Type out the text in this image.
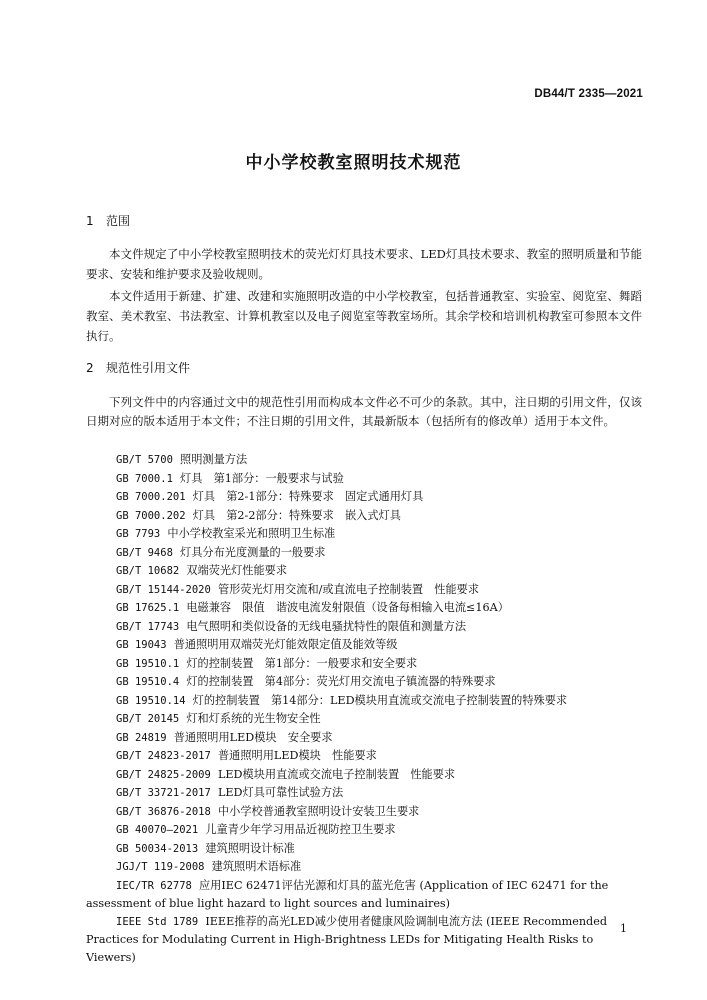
DB44/T 2335—2021
中小学校教室照明技术规范
1 范围
本文件规定了中小学校教室照明技术的荧光灯灯具技术要求、LED灯具技术要求、教室的照明质量和节能要求、安装和维护要求及验收规则。
本文件适用于新建、扩建、改建和实施照明改造的中小学校教室，包括普通教室、实验室、阅览室、舞蹈教室、美术教室、书法教室、计算机教室以及电子阅览室等教室场所。其余学校和培训机构教室可参照本文件执行。
2 规范性引用文件
下列文件中的内容通过文中的规范性引用而构成本文件必不可少的条款。其中，注日期的引用文件，仅该日期对应的版本适用于本文件；不注日期的引用文件，其最新版本（包括所有的修改单）适用于本文件。
GB/T 5700 照明测量方法
GB 7000.1 灯具　第1部分：一般要求与试验
GB 7000.201 灯具　第2-1部分：特殊要求　固定式通用灯具
GB 7000.202 灯具　第2-2部分：特殊要求　嵌入式灯具
GB 7793 中小学校教室采光和照明卫生标准
GB/T 9468 灯具分布光度测量的一般要求
GB/T 10682 双端荧光灯性能要求
GB/T 15144-2020 管形荧光灯用交流和/或直流电子控制装置　性能要求
GB 17625.1 电磁兼容　限值　谐波电流发射限值（设备每相输入电流≤16A）
GB/T 17743 电气照明和类似设备的无线电骚扰特性的限值和测量方法
GB 19043 普通照明用双端荧光灯能效限定值及能效等级
GB 19510.1 灯的控制装置　第1部分：一般要求和安全要求
GB 19510.4 灯的控制装置　第4部分：荧光灯用交流电子镇流器的特殊要求
GB 19510.14 灯的控制装置　第14部分：LED模块用直流或交流电子控制装置的特殊要求
GB/T 20145 灯和灯系统的光生物安全性
GB 24819 普通照明用LED模块　安全要求
GB/T 24823-2017 普通照明用LED模块　性能要求
GB/T 24825-2009 LED模块用直流或交流电子控制装置　性能要求
GB/T 33721-2017 LED灯具可靠性试验方法
GB/T 36876-2018 中小学校普通教室照明设计安装卫生要求
GB 40070—2021 儿童青少年学习用品近视防控卫生要求
GB 50034-2013 建筑照明设计标准
JGJ/T 119-2008 建筑照明术语标准
IEC/TR 62778 应用IEC 62471评估光源和灯具的蓝光危害 (Application of IEC 62471 for the assessment of blue light hazard to light sources and luminaires)
IEEE Std 1789 IEEE推荐的高光LED减少使用者健康风险调制电流方法 (IEEE Recommended Practices for Modulating Current in High-Brightness LEDs for Mitigating Health Risks to Viewers)
1
